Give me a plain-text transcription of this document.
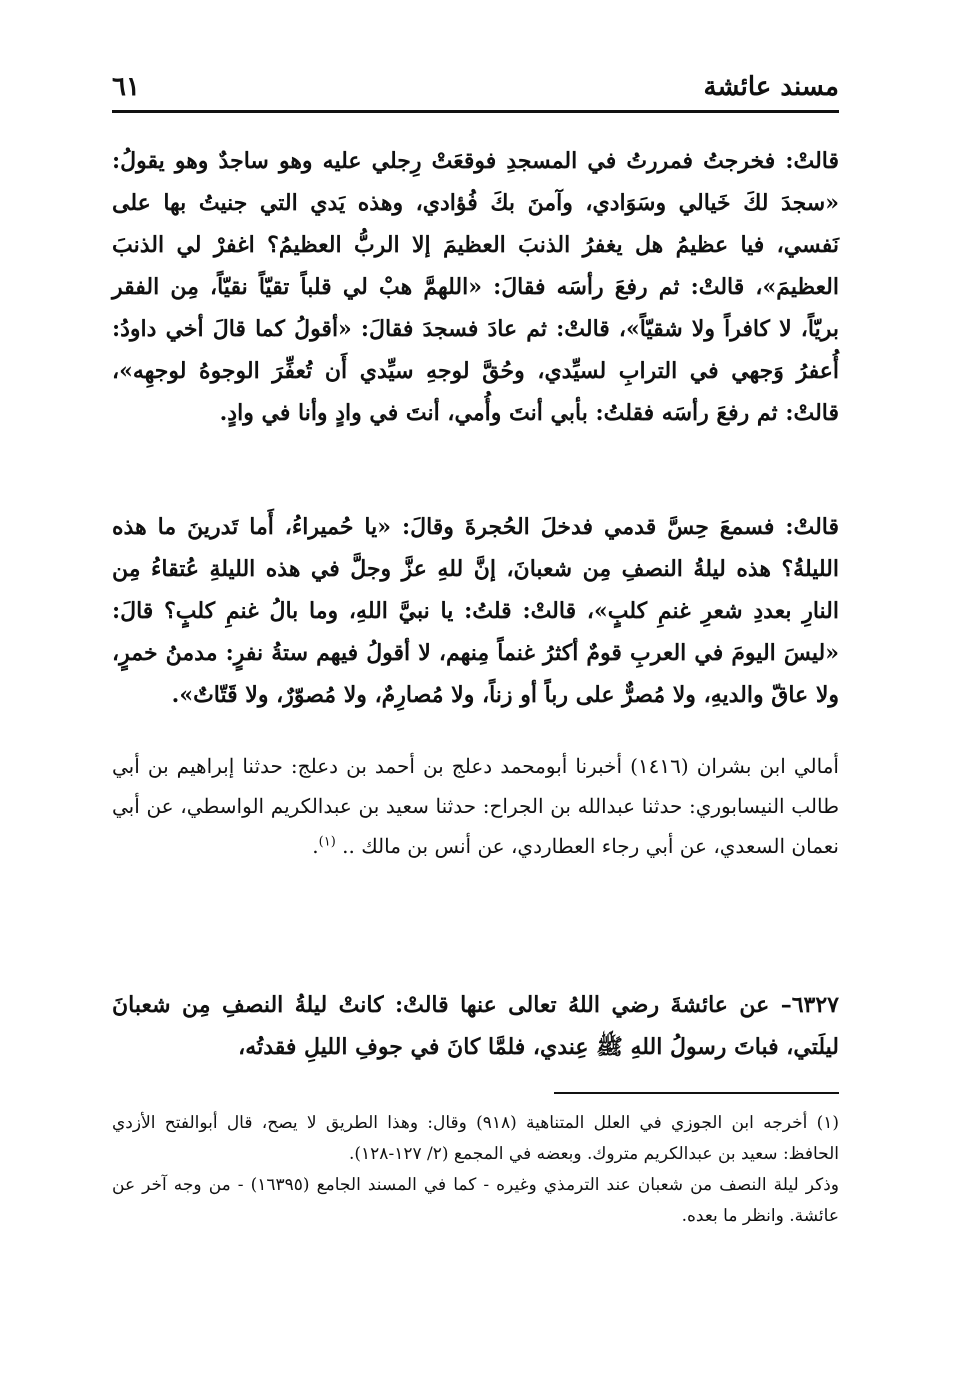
مسند عائشة
٦١
قالتْ: فخرجتُ فمررتُ في المسجدِ فوقعَتْ رِجلي عليه وهو ساجدٌ وهو يقولُ: «سجدَ لكَ خَيالي وسَوَادي، وآمنَ بكَ فُؤادي، وهذه يَدي التي جنيتُ بها على نَفسي، فيا عظيمُ هل يغفرُ الذنبَ العظيمَ إلا الربُّ العظيمُ؟ اغفرْ لي الذنبَ العظيمَ»، قالتْ: ثم رفعَ رأسَه فقالَ: «اللهمَّ هبْ لي قلباً تقيّاً نقيّاً، مِن الفقر بريّاً، لا كافراً ولا شقيّاً»، قالتْ: ثم عادَ فسجدَ فقالَ: «أقولُ كما قالَ أخي داودُ: أُعفرُ وَجهي في الترابِ لسيِّدي، وحُقَّ لوجهِ سيِّدي أَن تُعفِّرَ الوجوهُ لوجهِه»، قالتْ: ثم رفعَ رأسَه فقلتُ: بأبي أنتَ وأُمي، أنتَ في وادٍ وأنا في وادٍ.
قالتْ: فسمعَ حِسَّ قدمي فدخلَ الحُجرةَ وقالَ: «يا حُميراءُ، أَما تَدرينَ ما هذه الليلةُ؟ هذه ليلةُ النصفِ مِن شعبانَ، إنَّ للهِ عزَّ وجلَّ في هذه الليلةِ عُتقاءُ مِن النارِ بعددِ شعرِ غنمِ كلبٍ»، قالتْ: قلتُ: يا نبيَّ اللهِ، وما بالُ غنمِ كلبٍ؟ قالَ: «ليسَ اليومَ في العربِ قومٌ أكثرُ غنماً مِنهم، لا أقولُ فيهم ستةُ نفرٍ: مدمنُ خمرٍ، ولا عاقّ والديهِ، ولا مُصرٌّ على رباً أو زناً، ولا مُصارِمٌ، ولا مُصوّرٌ، ولا قَتّاتٌ».
أمالي ابن بشران (١٤١٦) أخبرنا أبومحمد دعلج بن أحمد بن دعلج: حدثنا إبراهيم بن أبي طالب النيسابوري: حدثنا عبدالله بن الجراح: حدثنا سعيد بن عبدالكريم الواسطي، عن أبي نعمان السعدي، عن أبي رجاء العطاردي، عن أنس بن مالك .. $^{(١)}$.
٦٣٢٧– عن عائشةَ رضي اللهُ تعالى عنها قالتْ: كانتْ ليلةُ النصفِ مِن شعبانَ ليلَتي، فباتَ رسولُ اللهِ ﷺ عِندي، فلمَّا كانَ في جوفِ الليلِ فقدتُه،

(١) أخرجه ابن الجوزي في العلل المتناهية (٩١٨) وقال: وهذا الطريق لا يصح، قال أبوالفتح الأزدي الحافظ: سعيد بن عبدالكريم متروك. وبعضه في المجمع (٢/ ١٢٧-١٢٨).

وذكر ليلة النصف من شعبان عند الترمذي وغيره - كما في المسند الجامع (١٦٣٩٥) - من وجه آخر عن عائشة. وانظر ما بعده.
